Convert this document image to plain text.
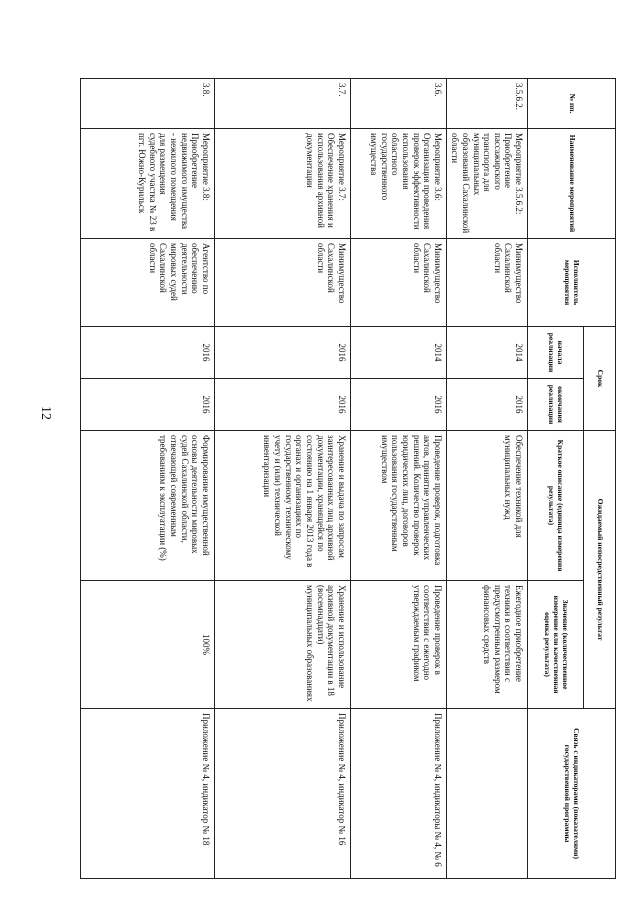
12
№ пп.	Наименование мероприятий	Исполнитель мероприятия	Срок		Ожидаемый непосредственный результат		Связь с индикаторами (показателями) государственной программы
			начала реализации	окончания реализации	Краткое описание (единица измерения результата)	Значение (количественное измерение или качественная оценка результата)	
3.5.6.2.	Мероприятие 3.5.6.2: Приобретение пассажирского транспорта для муниципальных образований Сахалинской области	Минимущество Сахалинской области	2014	2016	Обеспечение техникой для муниципальных нужд	Ежегодное приобретение техники в соответствии с предусмотренным размером финансовых средств	
3.6.	Мероприятие 3.6: Организация проведения проверок эффективности использования областного государственного имущества	Минимущество Сахалинской области	2014	2016	Проведение проверок, подготовка актов, принятие управленческих решений. Количество проверок юридических лиц, договоров пользования государственным имуществом	Проведение проверок в соответствии с ежегодно утверждаемым графиком	Приложение № 4, индикаторы № 4, № 6
3.7.	Мероприятие 3.7: Обеспечение хранения и использования архивной документации	Минимущество Сахалинской области	2016	2016	Хранение и выдача по запросам заинтересованных лиц архивной документации, хранящейся по состоянию на 1 января 2013 года в органах и организациях по государственному техническому учету и (или) технической инвентаризации	Хранение и использование архивной документации в 18 (восемнадцати) муниципальных образованиях	Приложение № 4, индикатор № 16
3.8.	Мероприятие 3.8: Приобретение недвижимого имущества - нежилого помещения для размещения судебного участка № 23 в пгт. Южно-Курильск	Агентство по обеспечению деятельности мировых судей Сахалинской области	2016	2016	Формирование имущественной основы деятельности мировых судей Сахалинской области, отвечающей современным требованиям к эксплуатации (%)	100%	Приложение № 4, индикатор № 18
